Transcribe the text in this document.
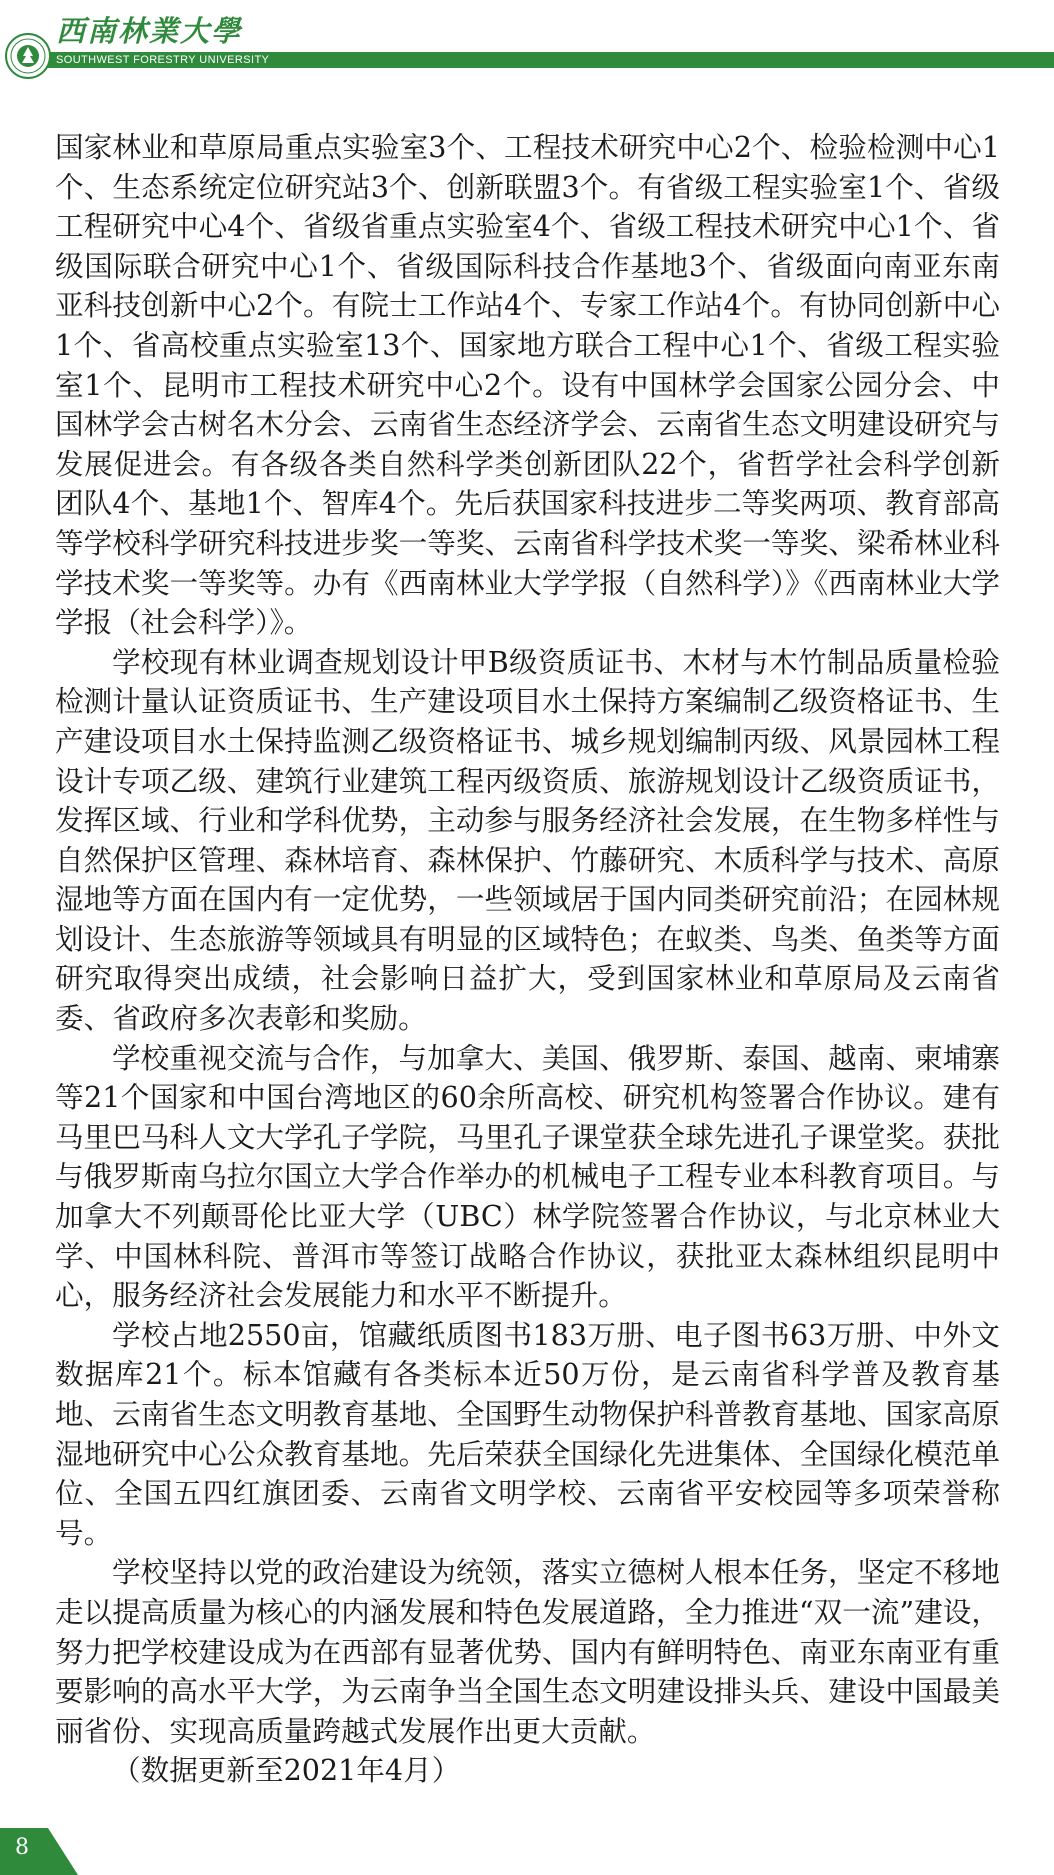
西南林業大學
SOUTHWEST FORESTRY UNIVERSITY

国家林业和草原局重点实验室3个、工程技术研究中心2个、检验检测中心1个、生态系统定位研究站3个、创新联盟3个。有省级工程实验室1个、省级工程研究中心4个、省级省重点实验室4个、省级工程技术研究中心1个、省级国际联合研究中心1个、省级国际科技合作基地3个、省级面向南亚东南亚科技创新中心2个。有院士工作站4个、专家工作站4个。有协同创新中心1个、省高校重点实验室13个、国家地方联合工程中心1个、省级工程实验室1个、昆明市工程技术研究中心2个。设有中国林学会国家公园分会、中国林学会古树名木分会、云南省生态经济学会、云南省生态文明建设研究与发展促进会。有各级各类自然科学类创新团队22个，省哲学社会科学创新团队4个、基地1个、智库4个。先后获国家科技进步二等奖两项、教育部高等学校科学研究科技进步奖一等奖、云南省科学技术奖一等奖、梁希林业科学技术奖一等奖等。办有《西南林业大学学报（自然科学）》《西南林业大学学报（社会科学）》。

学校现有林业调查规划设计甲B级资质证书、木材与木竹制品质量检验检测计量认证资质证书、生产建设项目水土保持方案编制乙级资格证书、生产建设项目水土保持监测乙级资格证书、城乡规划编制丙级、风景园林工程设计专项乙级、建筑行业建筑工程丙级资质、旅游规划设计乙级资质证书，发挥区域、行业和学科优势，主动参与服务经济社会发展，在生物多样性与自然保护区管理、森林培育、森林保护、竹藤研究、木质科学与技术、高原湿地等方面在国内有一定优势，一些领域居于国内同类研究前沿；在园林规划设计、生态旅游等领域具有明显的区域特色；在蚁类、鸟类、鱼类等方面研究取得突出成绩，社会影响日益扩大，受到国家林业和草原局及云南省委、省政府多次表彰和奖励。

学校重视交流与合作，与加拿大、美国、俄罗斯、泰国、越南、柬埔寨等21个国家和中国台湾地区的60余所高校、研究机构签署合作协议。建有马里巴马科人文大学孔子学院，马里孔子课堂获全球先进孔子课堂奖。获批与俄罗斯南乌拉尔国立大学合作举办的机械电子工程专业本科教育项目。与加拿大不列颠哥伦比亚大学（UBC）林学院签署合作协议，与北京林业大学、中国林科院、普洱市等签订战略合作协议，获批亚太森林组织昆明中心，服务经济社会发展能力和水平不断提升。

学校占地2550亩，馆藏纸质图书183万册、电子图书63万册、中外文数据库21个。标本馆藏有各类标本近50万份，是云南省科学普及教育基地、云南省生态文明教育基地、全国野生动物保护科普教育基地、国家高原湿地研究中心公众教育基地。先后荣获全国绿化先进集体、全国绿化模范单位、全国五四红旗团委、云南省文明学校、云南省平安校园等多项荣誉称号。

学校坚持以党的政治建设为统领，落实立德树人根本任务，坚定不移地走以提高质量为核心的内涵发展和特色发展道路，全力推进“双一流”建设，努力把学校建设成为在西部有显著优势、国内有鲜明特色、南亚东南亚有重要影响的高水平大学，为云南争当全国生态文明建设排头兵、建设中国最美丽省份、实现高质量跨越式发展作出更大贡献。

（数据更新至2021年4月）

8
